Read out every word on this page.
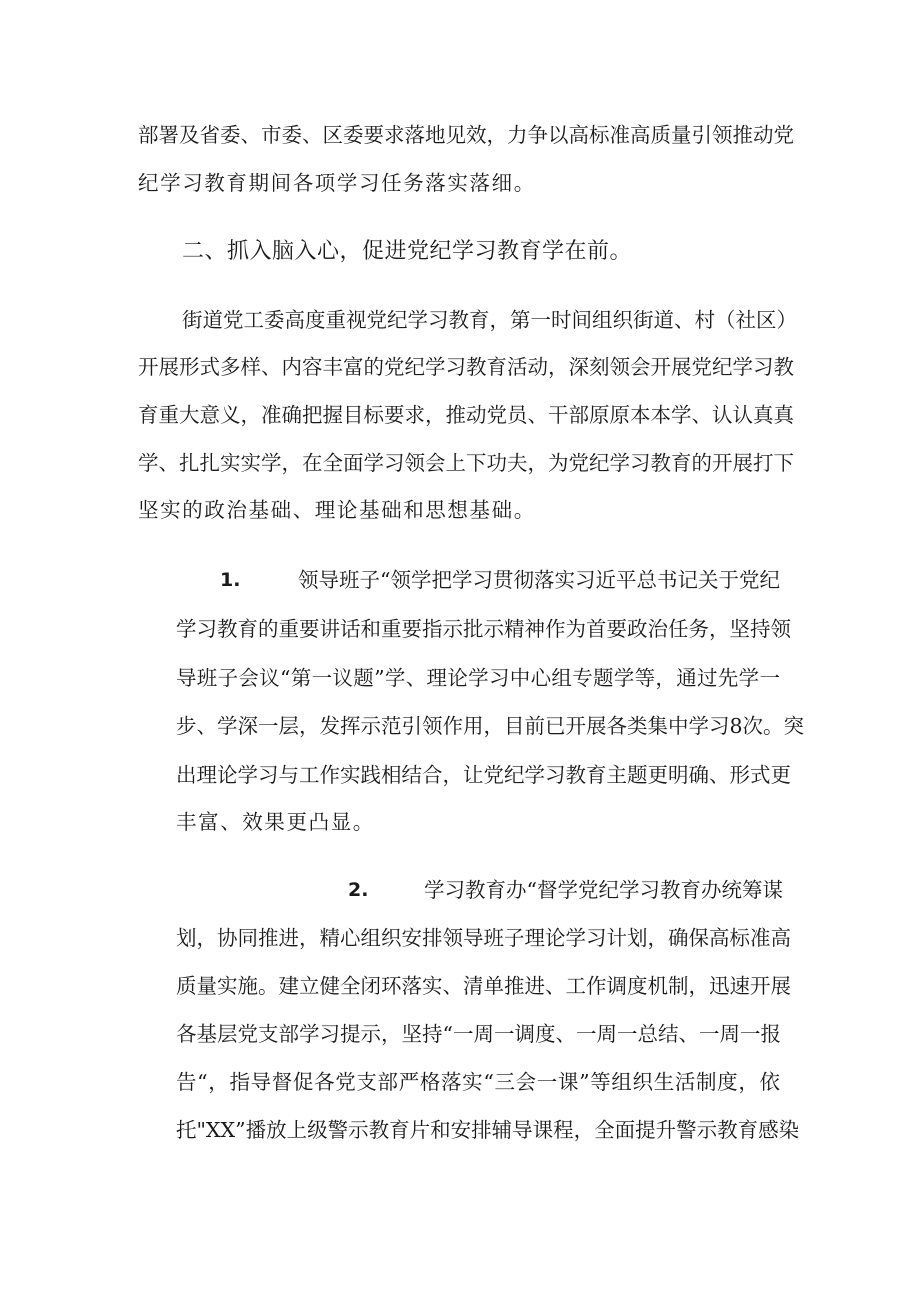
部署及省委、市委、区委要求落地见效，力争以高标准高质量引领推动党
纪学习教育期间各项学习任务落实落细。
二、抓入脑入心，促进党纪学习教育学在前。
街道党工委高度重视党纪学习教育，第一时间组织街道、村（社区）
开展形式多样、内容丰富的党纪学习教育活动，深刻领会开展党纪学习教
育重大意义，准确把握目标要求，推动党员、干部原原本本学、认认真真
学、扎扎实实学，在全面学习领会上下功夫，为党纪学习教育的开展打下
坚实的政治基础、理论基础和思想基础。
1.	领导班子“领学把学习贯彻落实习近平总书记关于党纪
学习教育的重要讲话和重要指示批示精神作为首要政治任务，坚持领
导班子会议“第一议题”学、理论学习中心组专题学等，通过先学一
步、学深一层，发挥示范引领作用，目前已开展各类集中学习8次。突
出理论学习与工作实践相结合，让党纪学习教育主题更明确、形式更
丰富、效果更凸显。
2.	学习教育办“督学党纪学习教育办统筹谋
划，协同推进，精心组织安排领导班子理论学习计划，确保高标准高
质量实施。建立健全闭环落实、清单推进、工作调度机制，迅速开展
各基层党支部学习提示，坚持“一周一调度、一周一总结、一周一报
告“，指导督促各党支部严格落实“三会一课”等组织生活制度，依
托"XX”播放上级警示教育片和安排辅导课程，全面提升警示教育感染
